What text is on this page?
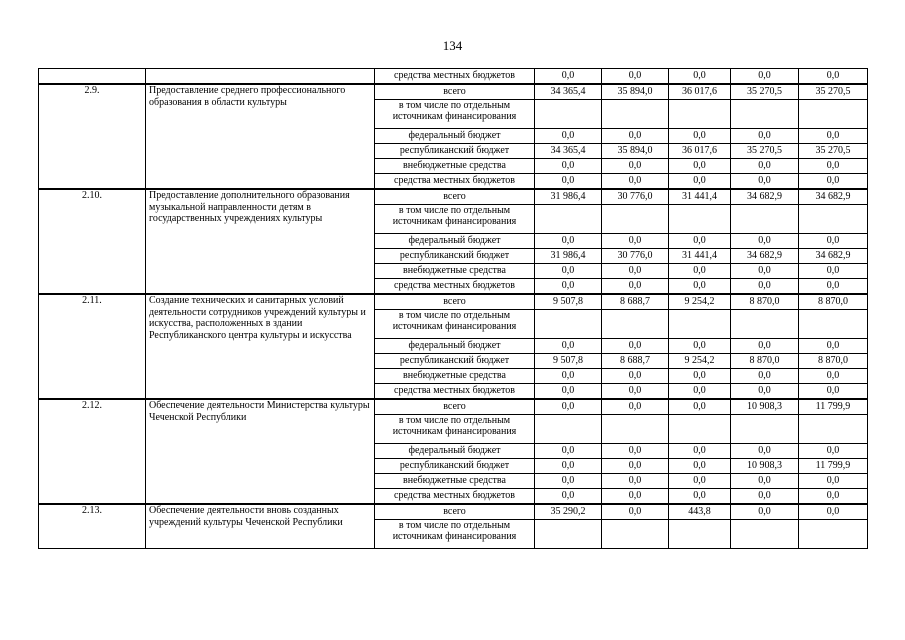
134
		средства местных бюджетов	0,0	0,0	0,0	0,0	0,0
2.9.	Предоставление среднего профессионального образования в области культуры	всего	34 365,4	35 894,0	36 017,6	35 270,5	35 270,5
		в том числе по отдельным источникам финансирования					
		федеральный бюджет	0,0	0,0	0,0	0,0	0,0
		республиканский бюджет	34 365,4	35 894,0	36 017,6	35 270,5	35 270,5
		внебюджетные средства	0,0	0,0	0,0	0,0	0,0
		средства местных бюджетов	0,0	0,0	0,0	0,0	0,0
2.10.	Предоставление дополнительного образования музыкальной направленности детям в государственных учреждениях культуры	всего	31 986,4	30 776,0	31 441,4	34 682,9	34 682,9
		в том числе по отдельным источникам финансирования					
		федеральный бюджет	0,0	0,0	0,0	0,0	0,0
		республиканский бюджет	31 986,4	30 776,0	31 441,4	34 682,9	34 682,9
		внебюджетные средства	0,0	0,0	0,0	0,0	0,0
		средства местных бюджетов	0,0	0,0	0,0	0,0	0,0
2.11.	Создание технических и санитарных условий деятельности сотрудников учреждений культуры и искусства, расположенных в здании Республиканского центра культуры и искусства	всего	9 507,8	8 688,7	9 254,2	8 870,0	8 870,0
		в том числе по отдельным источникам финансирования					
		федеральный бюджет	0,0	0,0	0,0	0,0	0,0
		республиканский бюджет	9 507,8	8 688,7	9 254,2	8 870,0	8 870,0
		внебюджетные средства	0,0	0,0	0,0	0,0	0,0
		средства местных бюджетов	0,0	0,0	0,0	0,0	0,0
2.12.	Обеспечение деятельности Министерства культуры Чеченской Республики	всего	0,0	0,0	0,0	10 908,3	11 799,9
		в том числе по отдельным источникам финансирования					
		федеральный бюджет	0,0	0,0	0,0	0,0	0,0
		республиканский бюджет	0,0	0,0	0,0	10 908,3	11 799,9
		внебюджетные средства	0,0	0,0	0,0	0,0	0,0
		средства местных бюджетов	0,0	0,0	0,0	0,0	0,0
2.13.	Обеспечение деятельности вновь созданных учреждений культуры Чеченской Республики	всего	35 290,2	0,0	443,8	0,0	0,0
		в том числе по отдельным источникам финансирования					
